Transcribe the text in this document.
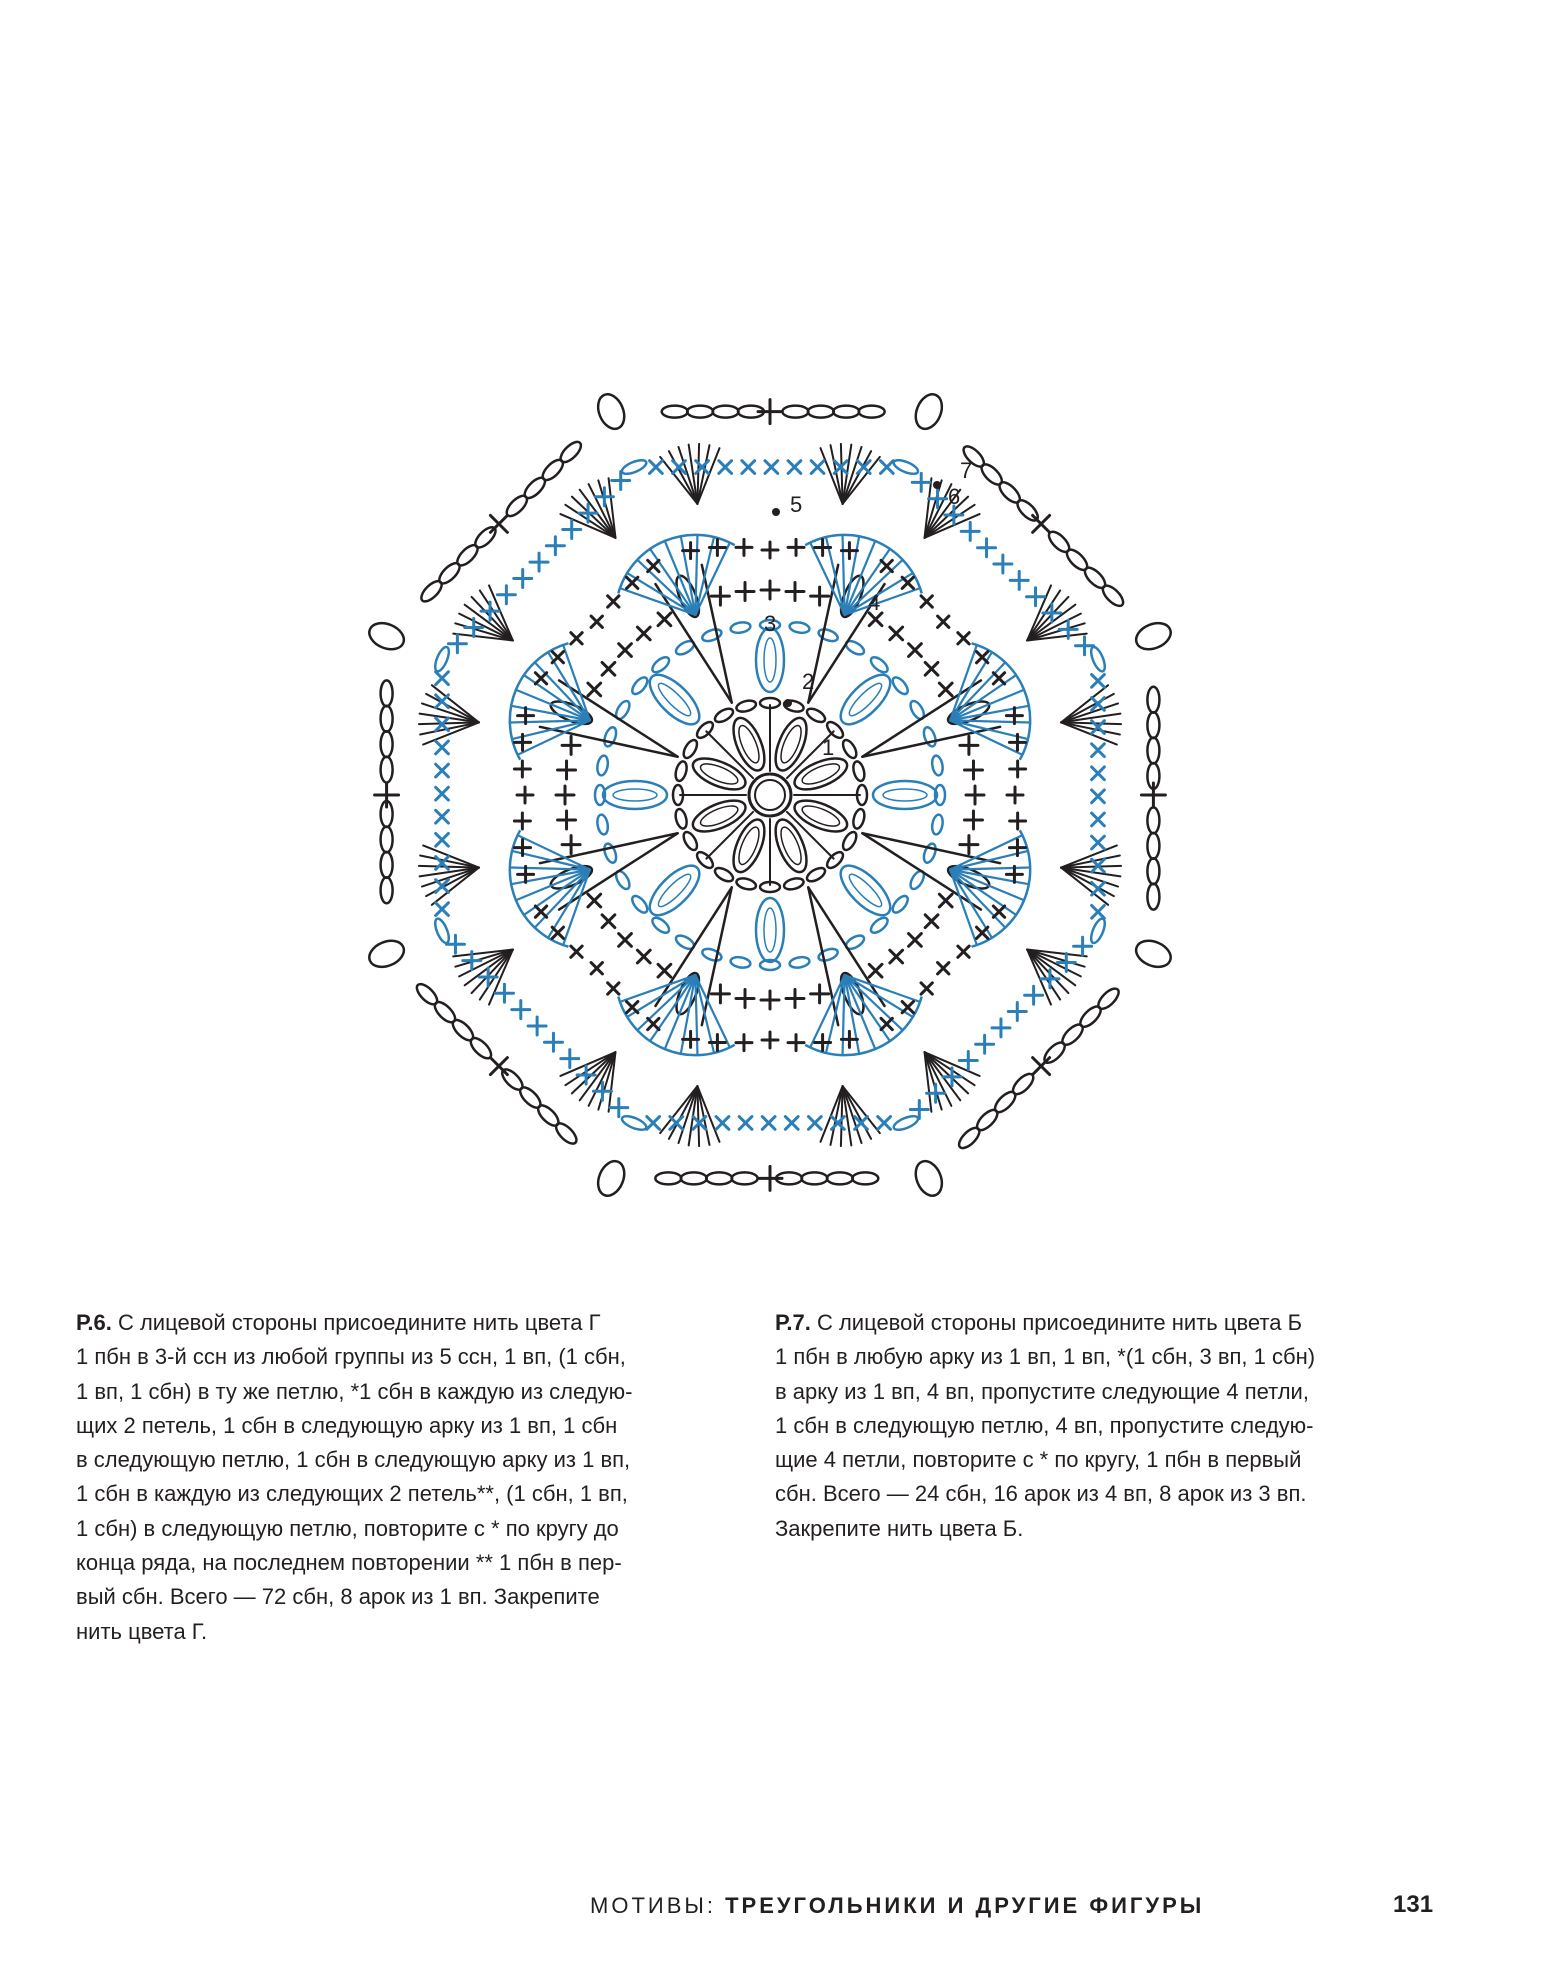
1
2
3
4
5	6
7
Р.6. С лицевой стороны присоедините нить цвета Г
1 пбн в 3-й ссн из любой группы из 5 ссн, 1 вп, (1 сбн,
1 вп, 1 сбн) в ту же петлю, *1 сбн в каждую из следую-
щих 2 петель, 1 сбн в следующую арку из 1 вп, 1 сбн
в следующую петлю, 1 сбн в следующую арку из 1 вп,
1 сбн в каждую из следующих 2 петель**, (1 сбн, 1 вп,
1 сбн) в следующую петлю, повторите с * по кругу до
конца ряда, на последнем повторении ** 1 пбн в пер-
вый сбн. Всего — 72 сбн, 8 арок из 1 вп. Закрепите
нить цвета Г.
Р.7. С лицевой стороны присоедините нить цвета Б
1 пбн в любую арку из 1 вп, 1 вп, *(1 сбн, 3 вп, 1 сбн)
в арку из 1 вп, 4 вп, пропустите следующие 4 петли,
1 сбн в следующую петлю, 4 вп, пропустите следую-
щие 4 петли, повторите с * по кругу, 1 пбн в первый
сбн. Всего — 24 сбн, 16 арок из 4 вп, 8 арок из 3 вп.
Закрепите нить цвета Б.
МОТИВЫ: ТРЕУГОЛЬНИКИ И ДРУГИЕ ФИГУРЫ	131
